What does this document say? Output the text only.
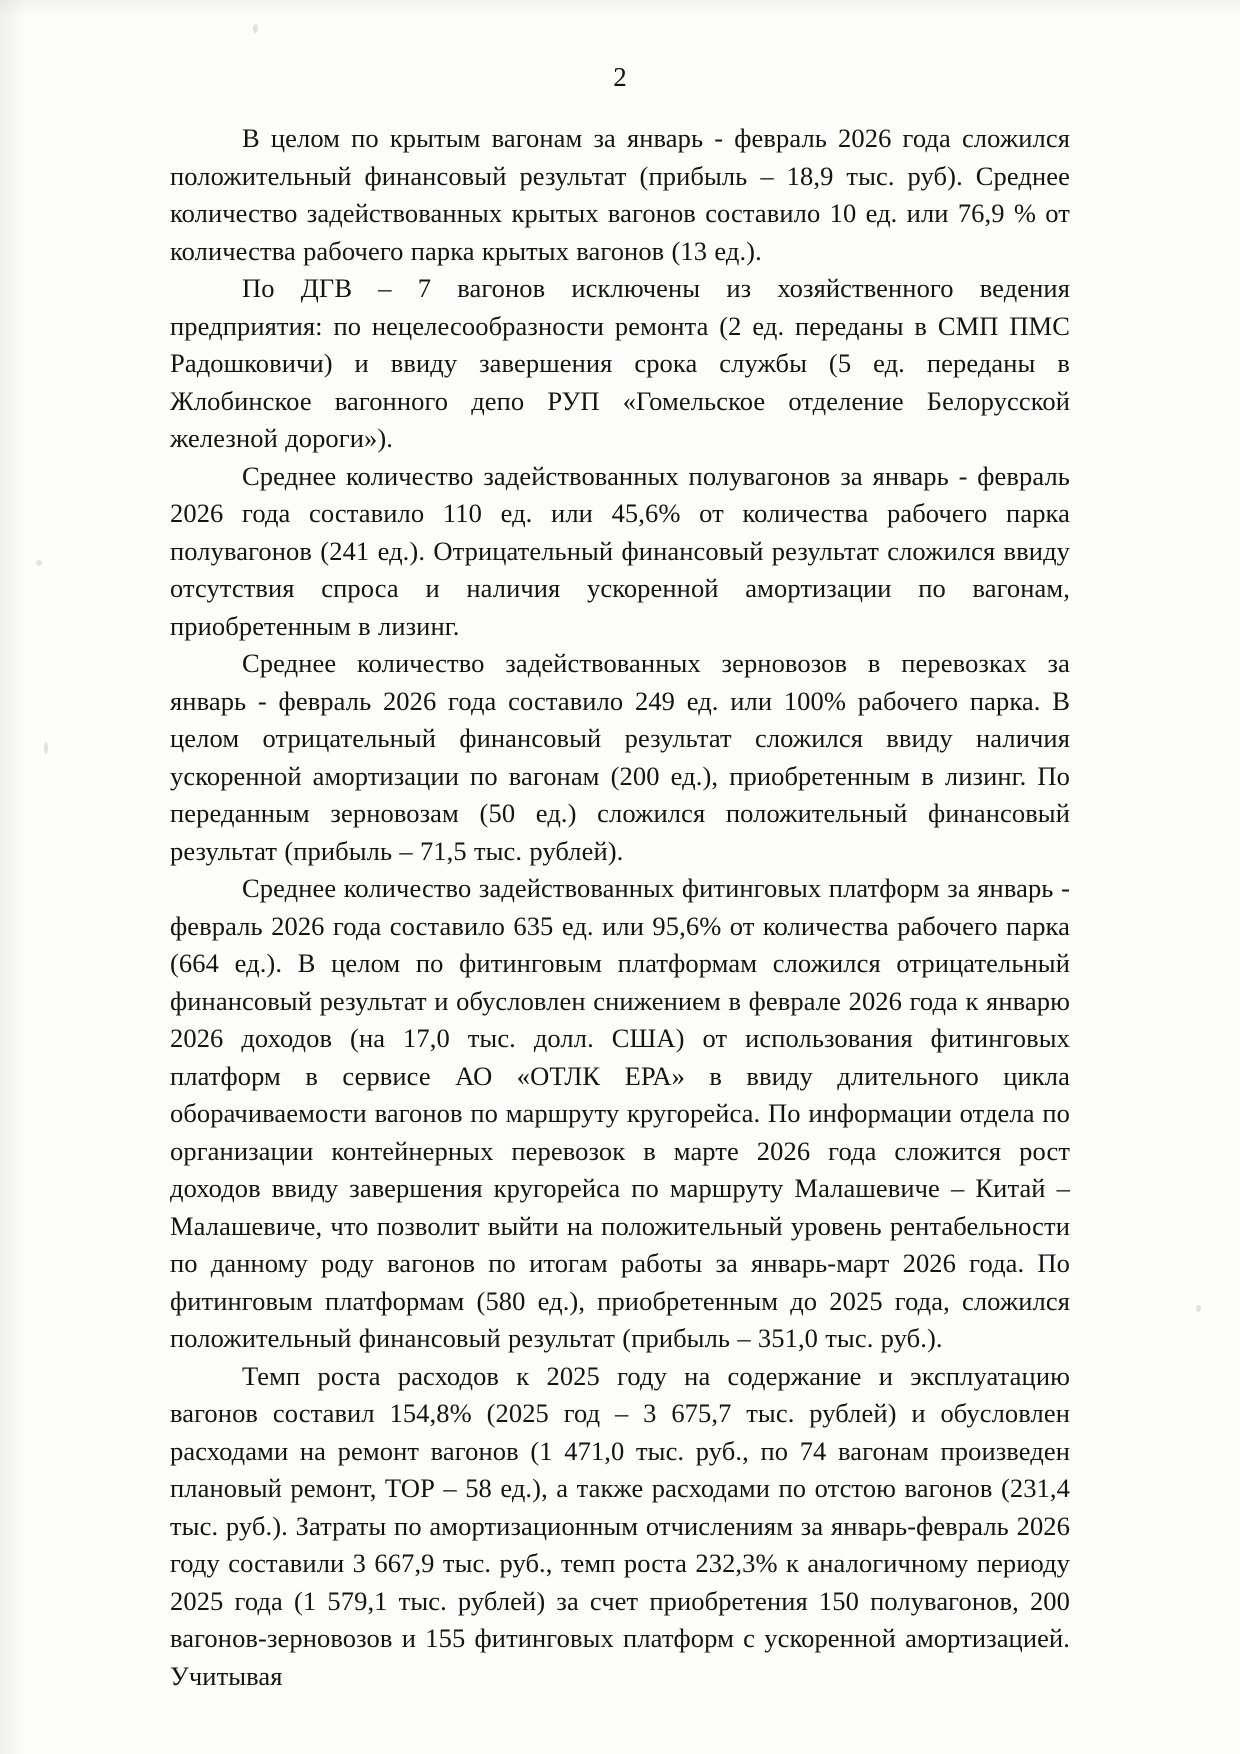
2

В целом по крытым вагонам за январь - февраль 2026 года сложился положительный финансовый результат (прибыль – 18,9 тыс. руб). Среднее количество задействованных крытых вагонов составило 10 ед. или 76,9 % от количества рабочего парка крытых вагонов (13 ед.).

По ДГВ – 7 вагонов исключены из хозяйственного ведения предприятия: по нецелесообразности ремонта (2 ед. переданы в СМП ПМС Радошковичи) и ввиду завершения срока службы (5 ед. переданы в Жлобинское вагонного депо РУП «Гомельское отделение Белорусской железной дороги»).

Среднее количество задействованных полувагонов за январь - февраль 2026 года составило 110 ед. или 45,6% от количества рабочего парка полувагонов (241 ед.). Отрицательный финансовый результат сложился ввиду отсутствия спроса и наличия ускоренной амортизации по вагонам, приобретенным в лизинг.

Среднее количество задействованных зерновозов в перевозках за январь - февраль 2026 года составило 249 ед. или 100% рабочего парка. В целом отрицательный финансовый результат сложился ввиду наличия ускоренной амортизации по вагонам (200 ед.), приобретенным в лизинг. По переданным зерновозам (50 ед.) сложился положительный финансовый результат (прибыль – 71,5 тыс. рублей).

Среднее количество задействованных фитинговых платформ за январь - февраль 2026 года составило 635 ед. или 95,6% от количества рабочего парка (664 ед.). В целом по фитинговым платформам сложился отрицательный финансовый результат и обусловлен снижением в феврале 2026 года к январю 2026 доходов (на 17,0 тыс. долл. США) от использования фитинговых платформ в сервисе АО «ОТЛК ЕРА» в ввиду длительного цикла оборачиваемости вагонов по маршруту кругорейса. По информации отдела по организации контейнерных перевозок в марте 2026 года сложится рост доходов ввиду завершения кругорейса по маршруту Малашевиче – Китай – Малашевиче, что позволит выйти на положительный уровень рентабельности по данному роду вагонов по итогам работы за январь-март 2026 года. По фитинговым платформам (580 ед.), приобретенным до 2025 года, сложился положительный финансовый результат (прибыль – 351,0 тыс. руб.).

Темп роста расходов к 2025 году на содержание и эксплуатацию вагонов составил 154,8% (2025 год – 3 675,7 тыс. рублей) и обусловлен расходами на ремонт вагонов (1 471,0 тыс. руб., по 74 вагонам произведен плановый ремонт, ТОР – 58 ед.), а также расходами по отстою вагонов (231,4 тыс. руб.). Затраты по амортизационным отчислениям за январь-февраль 2026 году составили 3 667,9 тыс. руб., темп роста 232,3% к аналогичному периоду 2025 года (1 579,1 тыс. рублей) за счет приобретения 150 полувагонов, 200 вагонов-зерновозов и 155 фитинговых платформ с ускоренной амортизацией. Учитывая
